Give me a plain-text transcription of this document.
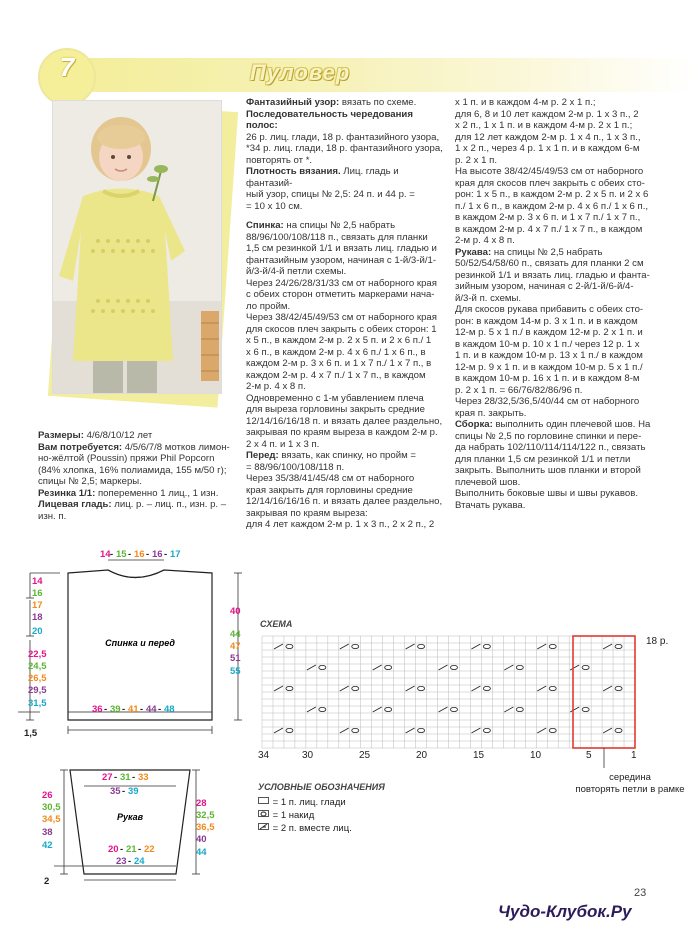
7	Пуловер

Размеры: 4/6/8/10/12 лет

Вам потребуется: 4/5/6/7/8 мотков лимон-

но-жёлтой (Poussin) пряжи Phil Popcorn

(84% хлопка, 16% полиамида, 155 м/50 г);

спицы № 2,5; маркеры.

Резинка 1/1: попеременно 1 лиц., 1 изн.

Лицевая гладь: лиц. р. – лиц. п., изн. р. –

изн. п.

Фантазийный узор: вязать по схеме.

Последовательность чередования полос:

26 р. лиц. глади, 18 р. фантазийного узора,

*34 р. лиц. глади, 18 р. фантазийного узора,

повторять от *.

Плотность вязания. Лиц. гладь и фантазий-

ный узор, спицы № 2,5: 24 п. и 44 р. =

= 10 х 10 см.

Спинка: на спицы № 2,5 набрать

88/96/100/108/118 п., связать для планки

1,5 см резинкой 1/1 и вязать лиц. гладью и

фантазийным узором, начиная с 1-й/3-й/1-

й/3-й/4-й петли схемы.

Через 24/26/28/31/33 см от наборного края

с обеих сторон отметить маркерами нача-

ло пройм.

Через 38/42/45/49/53 см от наборного края

для скосов плеч закрыть с обеих сторон: 1

х 5 п., в каждом 2-м р. 2 х 5 п. и 2 х 6 п./ 1

х 6 п., в каждом 2-м р. 4 х 6 п./ 1 х 6 п., в

каждом 2-м р. 3 х 6 п. и 1 х 7 п./ 1 х 7 п., в

каждом 2-м р. 4 х 7 п./ 1 х 7 п., в каждом

2-м р. 4 х 8 п.

Одновременно с 1-м убавлением плеча

для выреза горловины закрыть средние

12/14/16/16/18 п. и вязать далее раздельно,

закрывая по краям выреза в каждом 2-м р.

2 х 4 п. и 1 х 3 п.

Перед: вязать, как спинку, но пройм =

= 88/96/100/108/118 п.

Через 35/38/41/45/48 см от наборного

края закрыть для горловины средние

12/14/16/16/16 п. и вязать далее раздельно,

закрывая по краям выреза:

для 4 лет каждом 2-м р. 1 х 3 п., 2 х 2 п., 2

х 1 п. и в каждом 4-м р. 2 х 1 п.;

для 6, 8 и 10 лет каждом 2-м р. 1 х 3 п., 2

х 2 п., 1 х 1 п. и в каждом 4-м р. 2 х 1 п.;

для 12 лет каждом 2-м р. 1 х 4 п., 1 х 3 п.,

1 х 2 п., через 4 р. 1 х 1 п. и в каждом 6-м

р. 2 х 1 п.

На высоте 38/42/45/49/53 см от наборного

края для скосов плеч закрыть с обеих сто-

рон: 1 х 5 п., в каждом 2-м р. 2 х 5 п. и 2 х 6

п./ 1 х 6 п., в каждом 2-м р. 4 х 6 п./ 1 х 6 п.,

в каждом 2-м р. 3 х 6 п. и 1 х 7 п./ 1 х 7 п.,

в каждом 2-м р. 4 х 7 п./ 1 х 7 п., в каждом

2-м р. 4 х 8 п.

Рукава: на спицы № 2,5 набрать

50/52/54/58/60 п., связать для планки 2 см

резинкой 1/1 и вязать лиц. гладью и фанта-

зийным узором, начиная с 2-й/1-й/6-й/4-

й/3-й п. схемы.

Для скосов рукава прибавить с обеих сто-

рон: в каждом 14-м р. 3 х 1 п. и в каждом

12-м р. 5 х 1 п./ в каждом 12-м р. 2 х 1 п. и

в каждом 10-м р. 10 х 1 п./ через 12 р. 1 х

1 п. и в каждом 10-м р. 13 х 1 п./ в каждом

12-м р. 9 х 1 п. и в каждом 10-м р. 5 х 1 п./

в каждом 10-м р. 16 х 1 п. и в каждом 8-м

р. 2 х 1 п. = 66/76/82/86/96 п.

Через 28/32,5/36,5/40/44 см от наборного

края п. закрыть.

Сборка: выполнить один плечевой шов. На

спицы № 2,5 по горловине спинки и пере-

да набрать 102/110/114/114/122 п., связать

для планки 1,5 см резинкой 1/1 и петли

закрыть. Выполнить шов планки и второй

плечевой шов.

Выполнить боковые швы и швы рукавов.

Втачать рукава.

Спинка и перед
14 - 15 - 16 - 16 - 17
14
16
17
18
20
22,5
24,5
26,5
29,5
31,5
40
44
47
51
55
36 - 39 - 41 - 44 - 48
1,5
Рукав
27 - 31 - 33
35 - 39
26
30,5
34,5
38
42
28
32,5
36,5
40
44
20 - 21 - 22
23 - 24
2
СХЕМА
18 р.
34	30	25	20	15	10	5	1
середина
повторять петли в рамке
УСЛОВНЫЕ ОБОЗНАЧЕНИЯ
= 1 п. лиц. глади
= 1 накид
= 2 п. вместе лиц.
23
Чудо-Клубок.Ру
